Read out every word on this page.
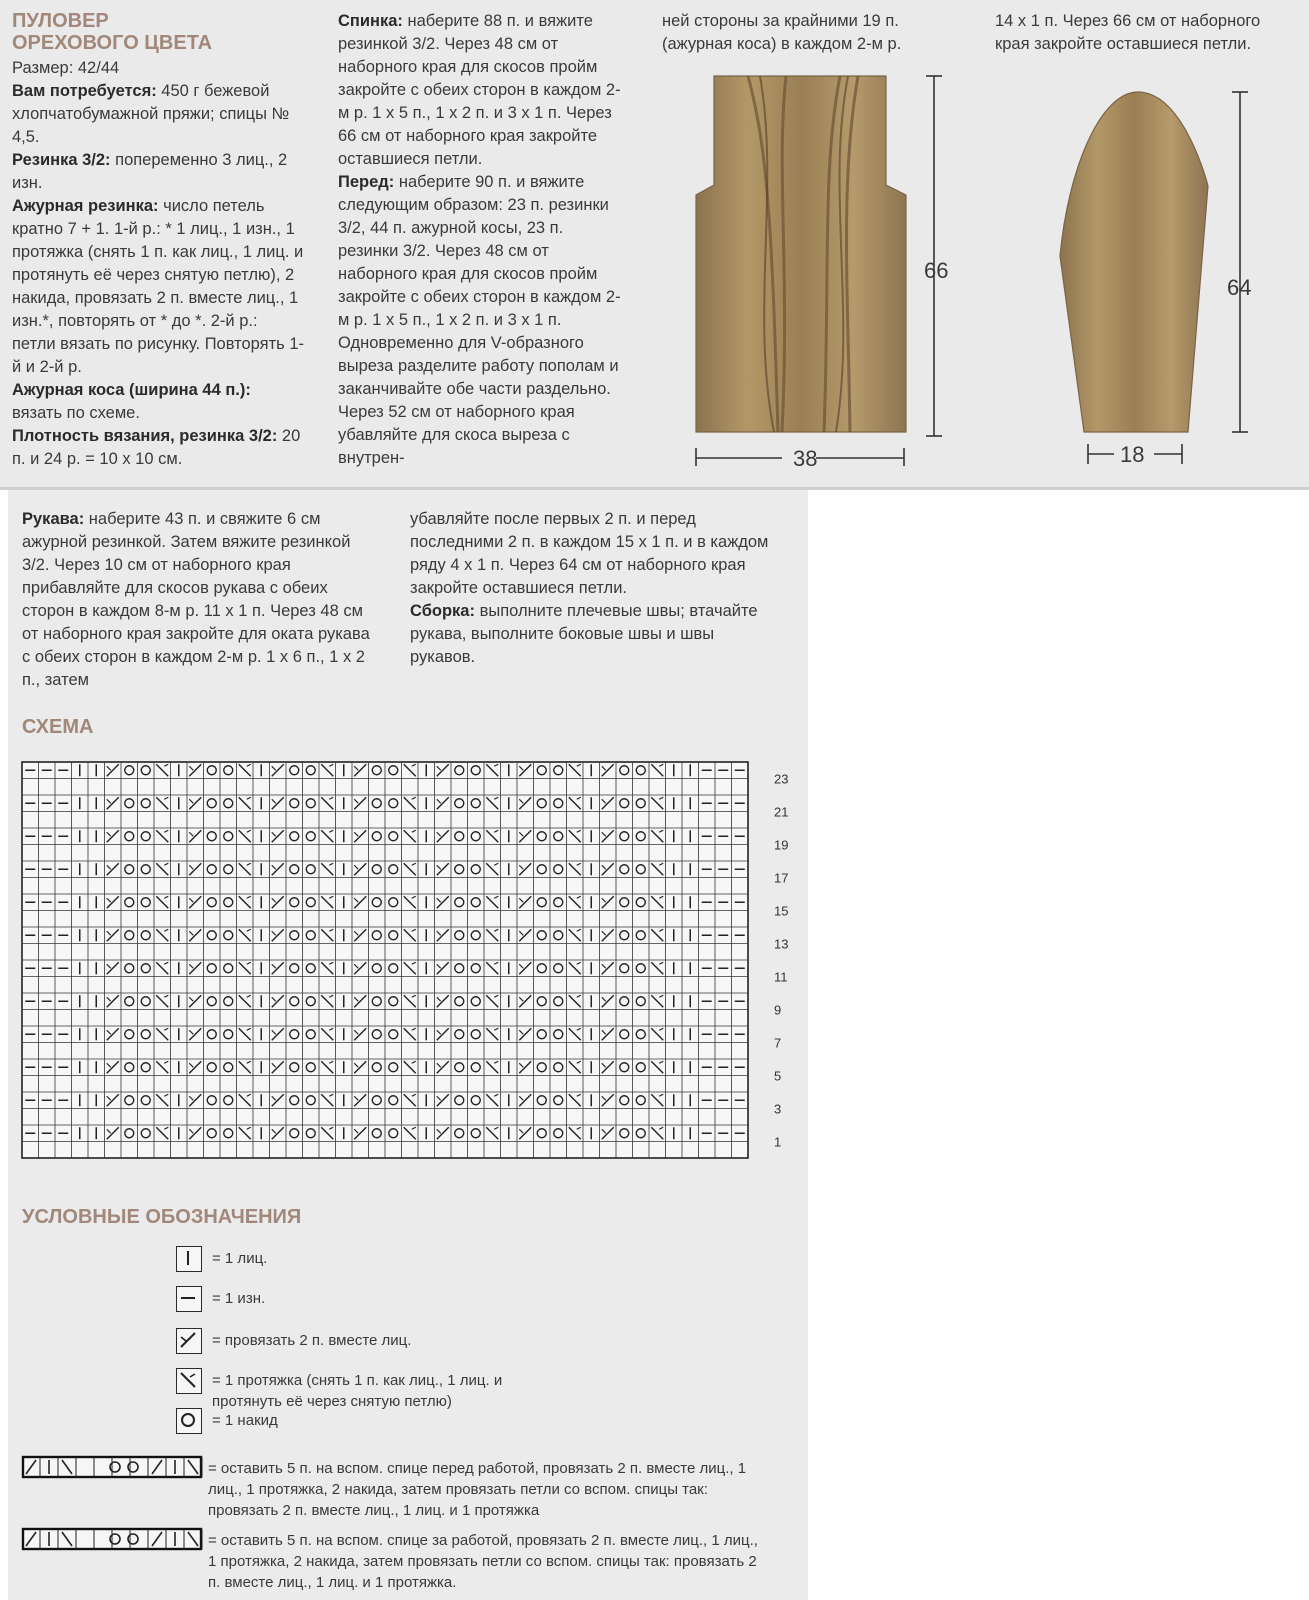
ПУЛОВЕР
ОРЕХОВОГО ЦВЕТА

Размер: 42/44

Вам потребуется: 450 г бежевой хлопчатобумажной пряжи; спицы № 4,5.

Резинка 3/2: попеременно 3 лиц., 2 изн.

Ажурная резинка: число петель кратно 7 + 1. 1-й р.: * 1 лиц., 1 изн., 1 протяжка (снять 1 п. как лиц., 1 лиц. и протянуть её через снятую петлю), 2 накида, провязать 2 п. вместе лиц., 1 изн.*, повторять от * до *. 2-й р.: петли вязать по рисунку. Повторять 1-й и 2-й р.

Ажурная коса (ширина 44 п.): вязать по схеме.

Плотность вязания, резинка 3/2: 20 п. и 24 р. = 10 х 10 см.

Спинка: наберите 88 п. и вяжите резинкой 3/2. Через 48 см от наборного края для скосов пройм закройте с обеих сторон в каждом 2-м р. 1 х 5 п., 1 х 2 п. и 3 х 1 п. Через 66 см от наборного края закройте оставшиеся петли.

Перед: наберите 90 п. и вяжите следующим образом: 23 п. резинки 3/2, 44 п. ажурной косы, 23 п. резинки 3/2. Через 48 см от наборного края для скосов пройм закройте с обеих сторон в каждом 2-м р. 1 х 5 п., 1 х 2 п. и 3 х 1 п. Одновременно для V-образного выреза разделите работу пополам и заканчивайте обе части раздельно. Через 52 см от наборного края убавляйте для скоса выреза с внутрен-

ней стороны за крайними 19 п. (ажурная коса) в каждом 2-м р.

14 х 1 п. Через 66 см от наборного края закройте оставшиеся петли.

66
38
64
18

Рукава: наберите 43 п. и свяжите 6 см ажурной резинкой. Затем вяжите резинкой 3/2. Через 10 см от наборного края прибавляйте для скосов рукава с обеих сторон в каждом 8-м р. 11 х 1 п. Через 48 см от наборного края закройте для оката рукава с обеих сторон в каждом 2-м р. 1 х 6 п., 1 х 2 п., затем

убавляйте после первых 2 п. и перед последними 2 п. в каждом 15 х 1 п. и в каждом ряду 4 х 1 п. Через 64 см от наборного края закройте оставшиеся петли.

Сборка: выполните плечевые швы; втачайте рукава, выполните боковые швы и швы рукавов.

СХЕМА
23
21
19
17
15
13
11
9
7
5
3
1
УСЛОВНЫЕ ОБОЗНАЧЕНИЯ
= 1 лиц.
= 1 изн.
= провязать 2 п. вместе лиц.
= 1 протяжка (снять 1 п. как лиц., 1 лиц. и протянуть её через снятую петлю)
= 1 накид
= оставить 5 п. на вспом. спице перед работой, провязать 2 п. вместе лиц., 1 лиц., 1 протяжка, 2 накида, затем провязать петли со вспом. спицы так: провязать 2 п. вместе лиц., 1 лиц. и 1 протяжка
= оставить 5 п. на вспом. спице за работой, провязать 2 п. вместе лиц., 1 лиц., 1 протяжка, 2 накида, затем провязать петли со вспом. спицы так: провязать 2 п. вместе лиц., 1 лиц. и 1 протяжка.
